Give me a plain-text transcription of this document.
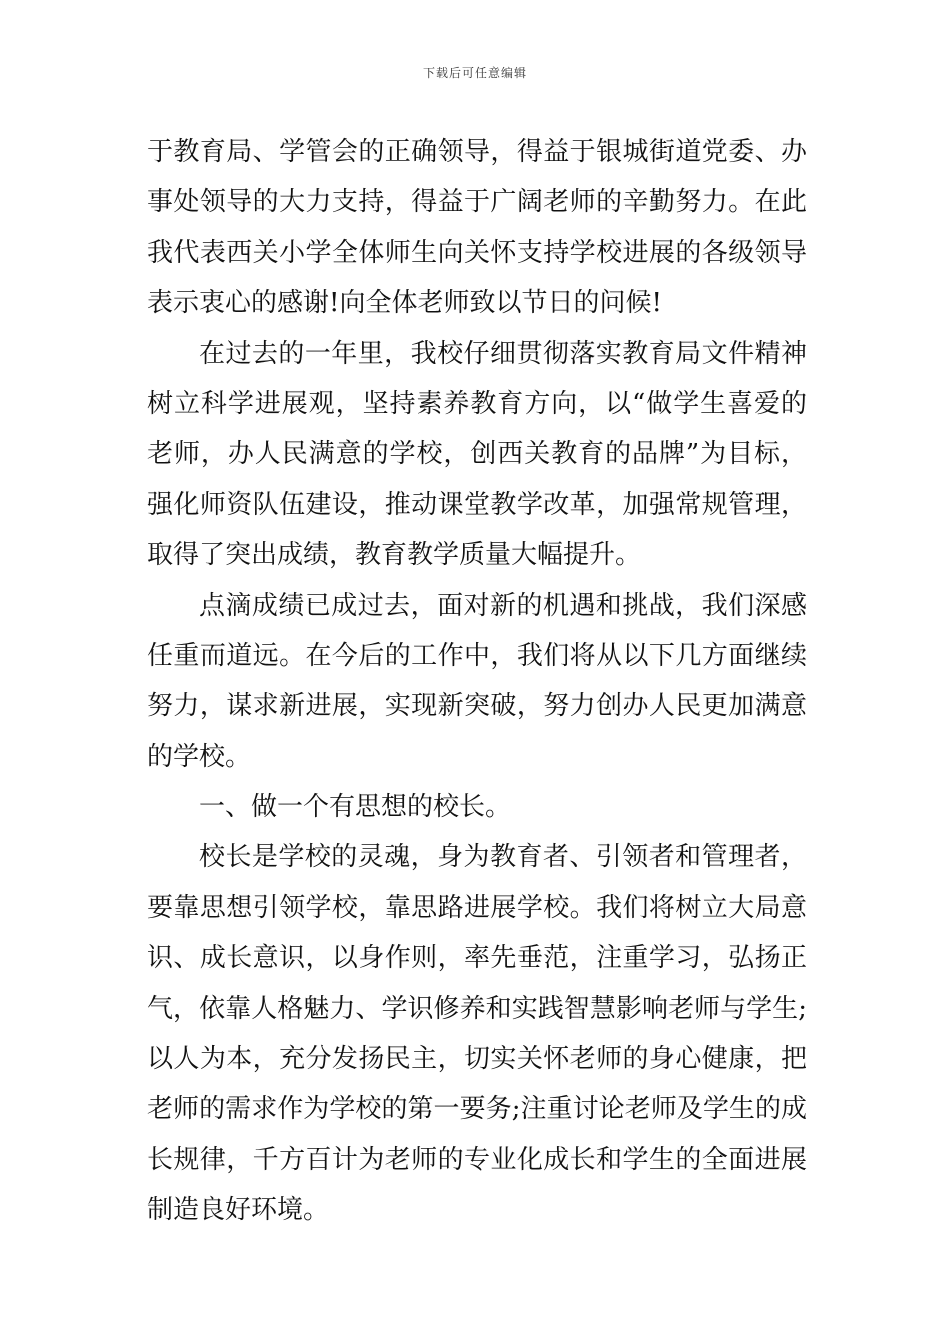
下载后可任意编辑
于教育局、学管会的正确领导，得益于银城街道党委、办
事处领导的大力支持，得益于广阔老师的辛勤努力。在此
我代表西关小学全体师生向关怀支持学校进展的各级领导
表示衷心的感谢!向全体老师致以节日的问候!
在过去的一年里，我校仔细贯彻落实教育局文件精神
树立科学进展观，坚持素养教育方向，以“做学生喜爱的
老师，办人民满意的学校，创西关教育的品牌”为目标，
强化师资队伍建设，推动课堂教学改革，加强常规管理，
取得了突出成绩，教育教学质量大幅提升。
点滴成绩已成过去，面对新的机遇和挑战，我们深感
任重而道远。在今后的工作中，我们将从以下几方面继续
努力，谋求新进展，实现新突破，努力创办人民更加满意
的学校。
一、做一个有思想的校长。
校长是学校的灵魂，身为教育者、引领者和管理者，
要靠思想引领学校，靠思路进展学校。我们将树立大局意
识、成长意识，以身作则，率先垂范，注重学习，弘扬正
气，依靠人格魅力、学识修养和实践智慧影响老师与学生;
以人为本，充分发扬民主，切实关怀老师的身心健康，把
老师的需求作为学校的第一要务;注重讨论老师及学生的成
长规律，千方百计为老师的专业化成长和学生的全面进展
制造良好环境。
